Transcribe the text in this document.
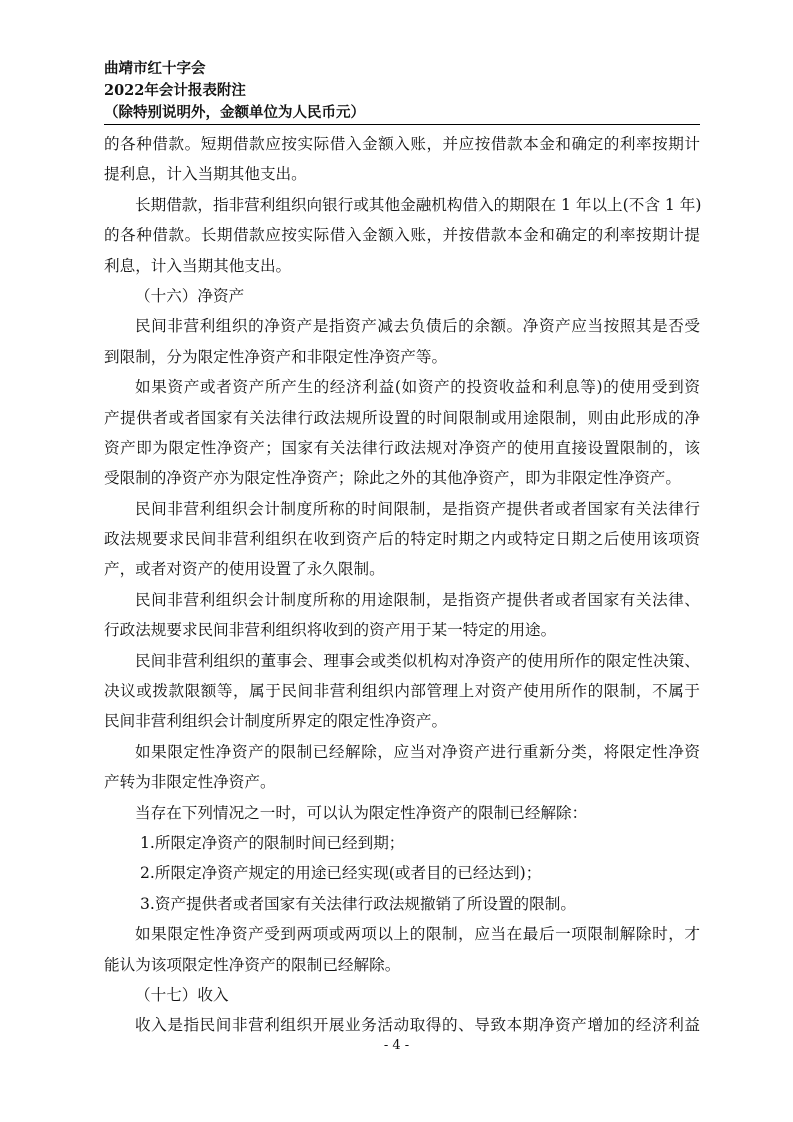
曲靖市红十字会
2022年会计报表附注
（除特别说明外，金额单位为人民币元）
的各种借款。短期借款应按实际借入金额入账，并应按借款本金和确定的利率按期计
提利息，计入当期其他支出。
长期借款，指非营利组织向银行或其他金融机构借入的期限在 1 年以上(不含 1 年)
的各种借款。长期借款应按实际借入金额入账，并按借款本金和确定的利率按期计提
利息，计入当期其他支出。
（十六）净资产
民间非营利组织的净资产是指资产减去负债后的余额。净资产应当按照其是否受
到限制，分为限定性净资产和非限定性净资产等。
如果资产或者资产所产生的经济利益(如资产的投资收益和利息等)的使用受到资
产提供者或者国家有关法律行政法规所设置的时间限制或用途限制，则由此形成的净
资产即为限定性净资产；国家有关法律行政法规对净资产的使用直接设置限制的，该
受限制的净资产亦为限定性净资产；除此之外的其他净资产，即为非限定性净资产。
民间非营利组织会计制度所称的时间限制，是指资产提供者或者国家有关法律行
政法规要求民间非营利组织在收到资产后的特定时期之内或特定日期之后使用该项资
产，或者对资产的使用设置了永久限制。
民间非营利组织会计制度所称的用途限制，是指资产提供者或者国家有关法律、
行政法规要求民间非营利组织将收到的资产用于某一特定的用途。
民间非营利组织的董事会、理事会或类似机构对净资产的使用所作的限定性决策、
决议或拨款限额等，属于民间非营利组织内部管理上对资产使用所作的限制，不属于
民间非营利组织会计制度所界定的限定性净资产。
如果限定性净资产的限制已经解除，应当对净资产进行重新分类，将限定性净资
产转为非限定性净资产。
当存在下列情况之一时，可以认为限定性净资产的限制已经解除：
1.所限定净资产的限制时间已经到期；
2.所限定净资产规定的用途已经实现(或者目的已经达到)；
3.资产提供者或者国家有关法律行政法规撤销了所设置的限制。
如果限定性净资产受到两项或两项以上的限制，应当在最后一项限制解除时，才
能认为该项限定性净资产的限制已经解除。
（十七）收入
收入是指民间非营利组织开展业务活动取得的、导致本期净资产增加的经济利益
- 4 -
